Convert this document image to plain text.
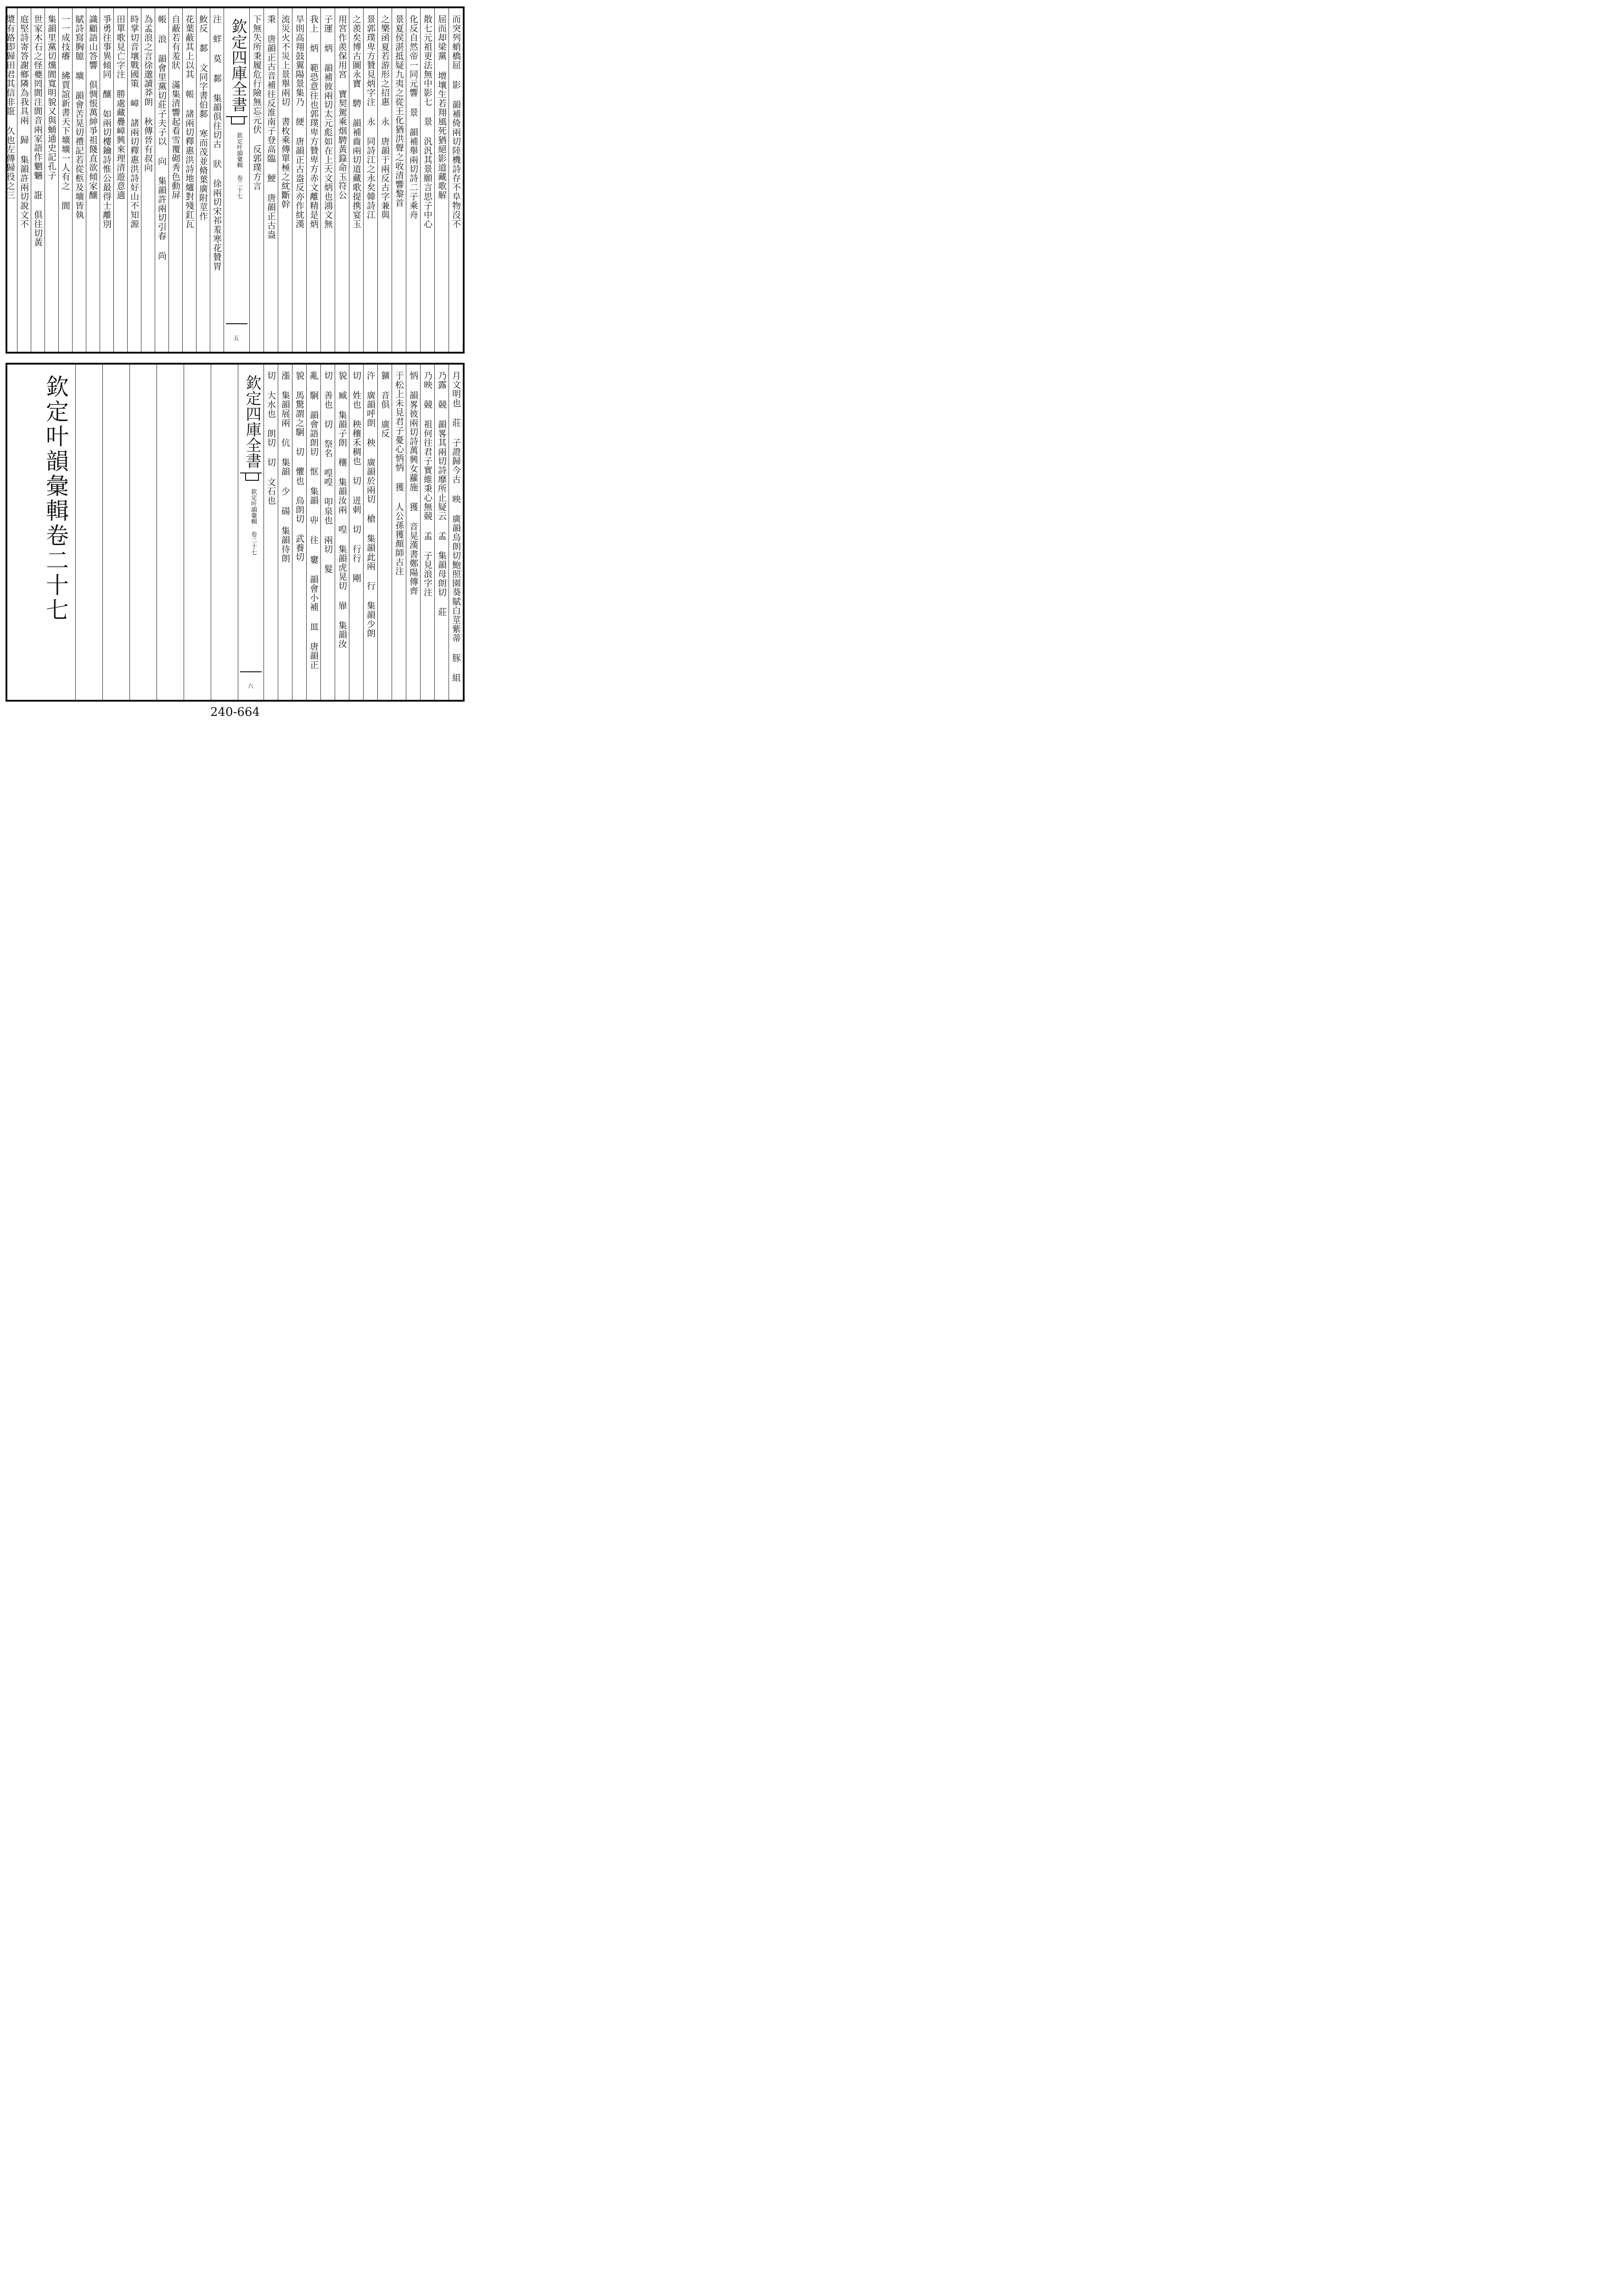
而突列蛸橋屈 影 韻補倚兩切陸機詩存不阜物沒不
屈而却梁黨 增壤生若翔風死猶絕影道藏歌解
散七元祖更法無中影七 景 汎汎其景願言思子中心
化反自然帝一同元響 景 韻補舉兩切詩二子乘舟
景夏侯湛抵疑九夷之從王化猶洪聲之收清響黎首
之樂函夏若游形之招惠 永 唐韻于兩反古字兼與
景郭璞卑方贊見炳字注 永 同詩江之永矣韓詩江
之羨矣博古圖永寶 騁 韻補齒兩切道藏歌提携宴玉
用宮作羨保用宮 寶契駕乘烟騁黃籙命玉符公
子運 炳 韻補彼兩切太元彪如在上天文炳也鴻文無
我上 炳 範恐意往也郭璞卑方贊卑方赤文離精是炳
旱則高翔鼓翼陽景集乃 綆 唐韻正古盎反亦作紞漢
流災火不災上景舉兩切 書枚乘傳單極之紞斷幹
秉 唐韻正古音補往反淮南子登高臨 鯁 唐韻正古盎
下無失所秉履危行險無忘元伏 反郭璞方言
欽定四庫全書
欽定叶韻彙輯 卷二十七
五
注 蛘 莫 䣛 集韻俱往切古 狀 徐兩切宋祁羞寒花贊胃
䰻反 䣛 文同字書伯䣛 寒而茂並脩葉廣附莖作
花葉蔽其上以其 帳 諸兩切釋惠洪詩地爐對殘釭瓦
自蔽若有羞狀 滿集清響起看雪覆砌秀色動屏
帳 浪 韻會里黨切莊子夫子以 向 集韻許兩切引春 尚
為孟浪之言徐邈讀莽朗 秋傳晉有叔向
時掌切音壤戰國策 嶂 諸兩切釋惠洪詩好山不知源
田單歌見亡字注 勝處藏疊嶂興來理清遊意適
爭勇往事異傾同 釀 如兩切樓鑰詩惟公最得士離別
識顧語山答響 俱惆悵萬紳爭祖餞直欲傾家釀
賦詩寫胸臆 壙 韻會苦晃切禮記若從柩及壙皆執
一一成技癢 紼賈誼新書天下壙壙一人有之 閬
集韻里黨切爣閬寬明貌又與蛹通史記孔子
世家木石之怪夔罔閬注閬音兩家語作魍魎 誑 俱往切黃
庭堅詩寄答謝鄉隣為我具兩 歸 集韻許兩切說文不
漿有路即歸田君其信非誑 久也左傳歸役之三
月文明也 莊 子證歸今古 映 廣韻烏朗切鮑照園葵賦白莖紫蒂 豚 組
乃露 競 韻畧其兩切詩靡所止疑云 孟 集韻母朗切 莊
乃映 競 祖何往君子實維秉心無競 孟 子見浪字注
怲 韻畧彼兩切詩萬興女蘿施 獲 音晃漢書鄭陽傳齊
于松上未見君子憂心怲怲 獲 人公孫獲顏師古注
獷 音俱 廣反
汻 廣韻呼朗 秧 廣韻於兩切 槍 集韻此兩 行 集韻少朗
切 姓也 秧穰禾稠也 切 迸刺 切 行行 剛
貌 臧 集韻子朗 穰 集韻汝兩 喤 集韻虎晃切 㠑 集韻汝
切 善也 切 祭名 喤喤 叩泉也 兩切 髮
亂 駉 韻會語朗切 恇 集韻 丱 往 窶 韻會小補 皿 唐韻正
貌 馬驚謂之駉 切 懼也 烏朗切 武養切
漲 集韻展兩 伉 集韻 少 碭 集韻待朗
切 大水也 朗切 切 文石也
欽定四庫全書
欽定叶韻彙輯 卷二十七
六
欽定叶韻彙輯卷二十七
240-664
